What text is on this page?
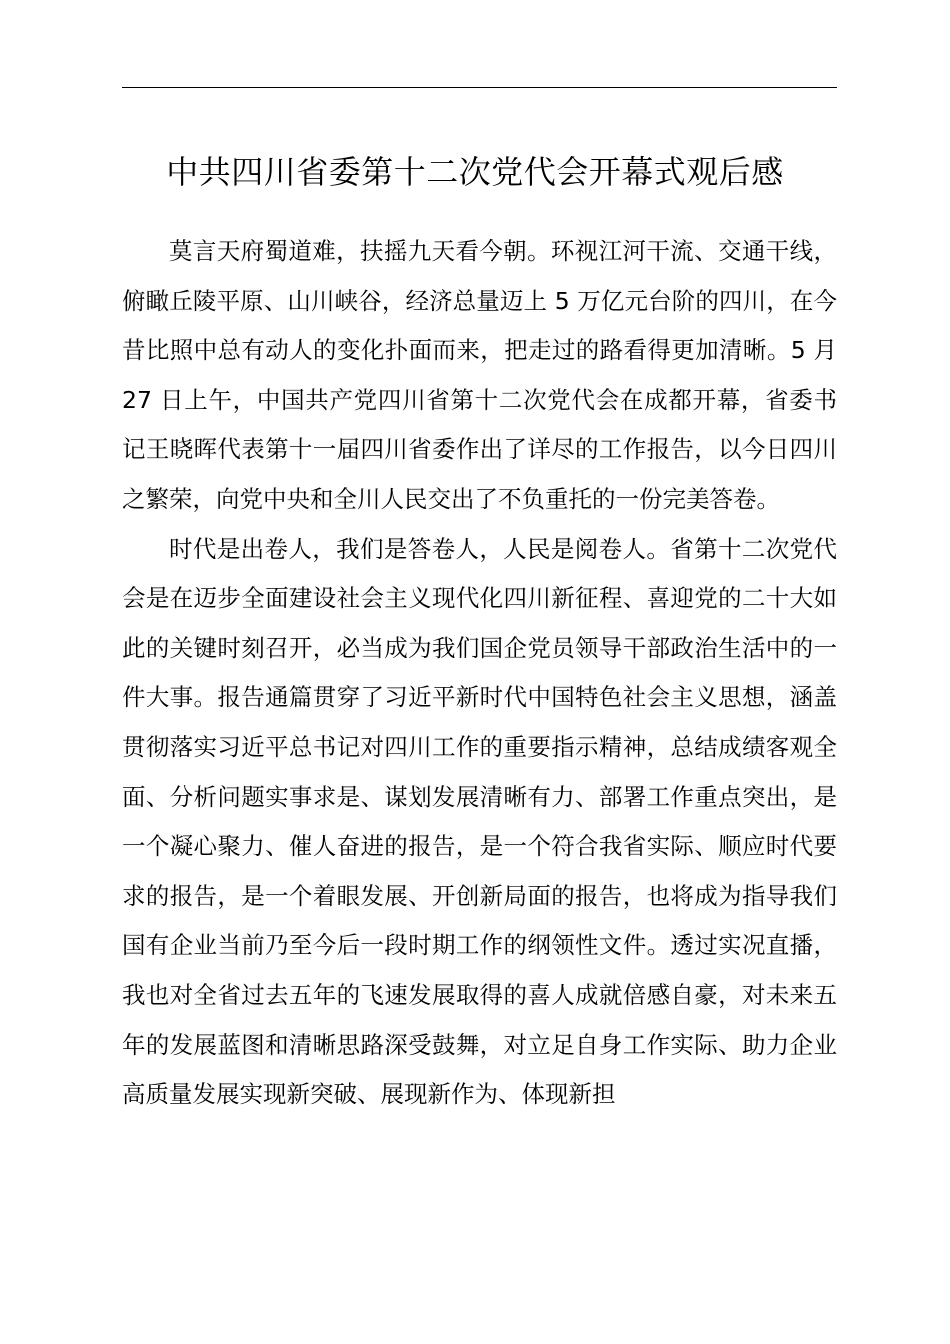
中共四川省委第十二次党代会开幕式观后感

莫言天府蜀道难，扶摇九天看今朝。环视江河干流、交通干线，俯瞰丘陵平原、山川峡谷，经济总量迈上 5 万亿元台阶的四川，在今昔比照中总有动人的变化扑面而来，把走过的路看得更加清晰。5 月 27 日上午，中国共产党四川省第十二次党代会在成都开幕，省委书记王晓晖代表第十一届四川省委作出了详尽的工作报告，以今日四川之繁荣，向党中央和全川人民交出了不负重托的一份完美答卷。

时代是出卷人，我们是答卷人，人民是阅卷人。省第十二次党代会是在迈步全面建设社会主义现代化四川新征程、喜迎党的二十大如此的关键时刻召开，必当成为我们国企党员领导干部政治生活中的一件大事。报告通篇贯穿了习近平新时代中国特色社会主义思想，涵盖贯彻落实习近平总书记对四川工作的重要指示精神，总结成绩客观全面、分析问题实事求是、谋划发展清晰有力、部署工作重点突出，是一个凝心聚力、催人奋进的报告，是一个符合我省实际、顺应时代要求的报告，是一个着眼发展、开创新局面的报告，也将成为指导我们国有企业当前乃至今后一段时期工作的纲领性文件。透过实况直播，我也对全省过去五年的飞速发展取得的喜人成就倍感自豪，对未来五年的发展蓝图和清晰思路深受鼓舞，对立足自身工作实际、助力企业高质量发展实现新突破、展现新作为、体现新担
